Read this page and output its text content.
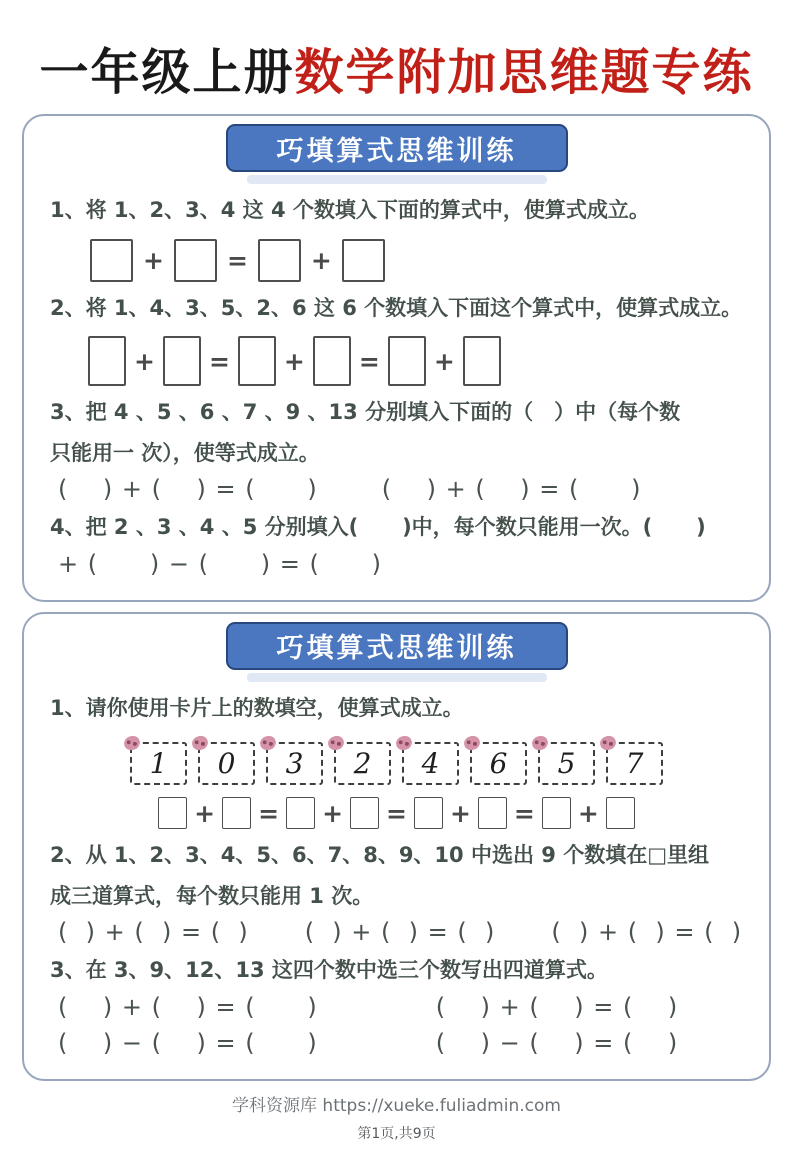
一年级上册数学附加思维题专练
巧填算式思维训练
1、将 1、2、3、4 这 4 个数填入下面的算式中，使算式成立。
+	=	+
2、将 1、4、3、5、2、6 这 6 个数填入下面这个算式中，使算式成立。
+ = + = +
3、把 4 、5 、6 、7 、9 、13 分别填入下面的（　）中（每个数
只能用一 次），使等式成立。
(    ) + (    ) = (      )	(    ) + (    ) = (      )
4、把 2 、3 、4 、5 分别填入(      )中，每个数只能用一次。(      )
+ (      ) − (      ) = (      )
巧填算式思维训练
1、请你使用卡片上的数填空，使算式成立。
1 0 3 2 4 6 5 7
+ = + = + = +
2、从 1、2、3、4、5、6、7、8、9、10 中选出 9 个数填在□里组
成三道算式，每个数只能用 1 次。
(  ) + (  ) = (  ) (  ) + (  ) = (  ) (  ) + (  ) = (  )
3、在 3、9、12、13 这四个数中选三个数写出四道算式。
(    ) + (    ) = (      )	(    ) + (    ) = (    )
(    ) − (    ) = (      )	(    ) − (    ) = (    )
学科资源库 https://xueke.fuliadmin.com
第1页,共9页
